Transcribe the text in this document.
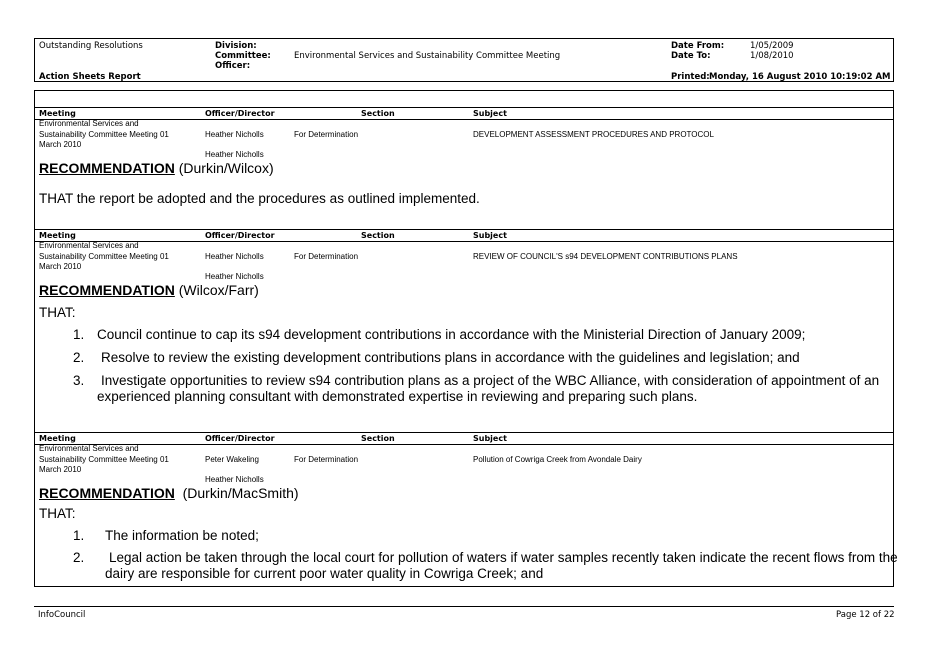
Outstanding Resolutions
Action Sheets Report
Division:
Committee:	Environmental Services and Sustainability Committee Meeting
Officer:
Date From:	1/05/2009
Date To:	1/08/2010
Printed: Monday, 16 August 2010 10:19:02 AM
Meeting	Officer/Director	Section	Subject
Environmental Services and
Sustainability Committee Meeting 01
March 2010
Heather Nicholls	For Determination	DEVELOPMENT ASSESSMENT PROCEDURES AND PROTOCOL
Heather Nicholls
RECOMMENDATION (Durkin/Wilcox)
THAT the report be adopted and the procedures as outlined implemented.
Meeting	Officer/Director	Section	Subject
Environmental Services and
Sustainability Committee Meeting 01
March 2010
Heather Nicholls	For Determination	REVIEW OF COUNCIL'S s94 DEVELOPMENT CONTRIBUTIONS PLANS
Heather Nicholls
RECOMMENDATION (Wilcox/Farr)
THAT:
1. Council continue to cap its s94 development contributions in accordance with the Ministerial Direction of January 2009;
2. Resolve to review the existing development contributions plans in accordance with the guidelines and legislation; and
3. Investigate opportunities to review s94 contribution plans as a project of the WBC Alliance, with consideration of appointment of an
experienced planning consultant with demonstrated expertise in reviewing and preparing such plans.
Meeting	Officer/Director	Section	Subject
Environmental Services and
Sustainability Committee Meeting 01
March 2010
Peter Wakeling	For Determination	Pollution of Cowriga Creek from Avondale Dairy
Heather Nicholls
RECOMMENDATION  (Durkin/MacSmith)
THAT:
1. The information be noted;
2. Legal action be taken through the local court for pollution of waters if water samples recently taken indicate the recent flows from the
dairy are responsible for current poor water quality in Cowriga Creek; and
InfoCouncil	Page 12 of 22
